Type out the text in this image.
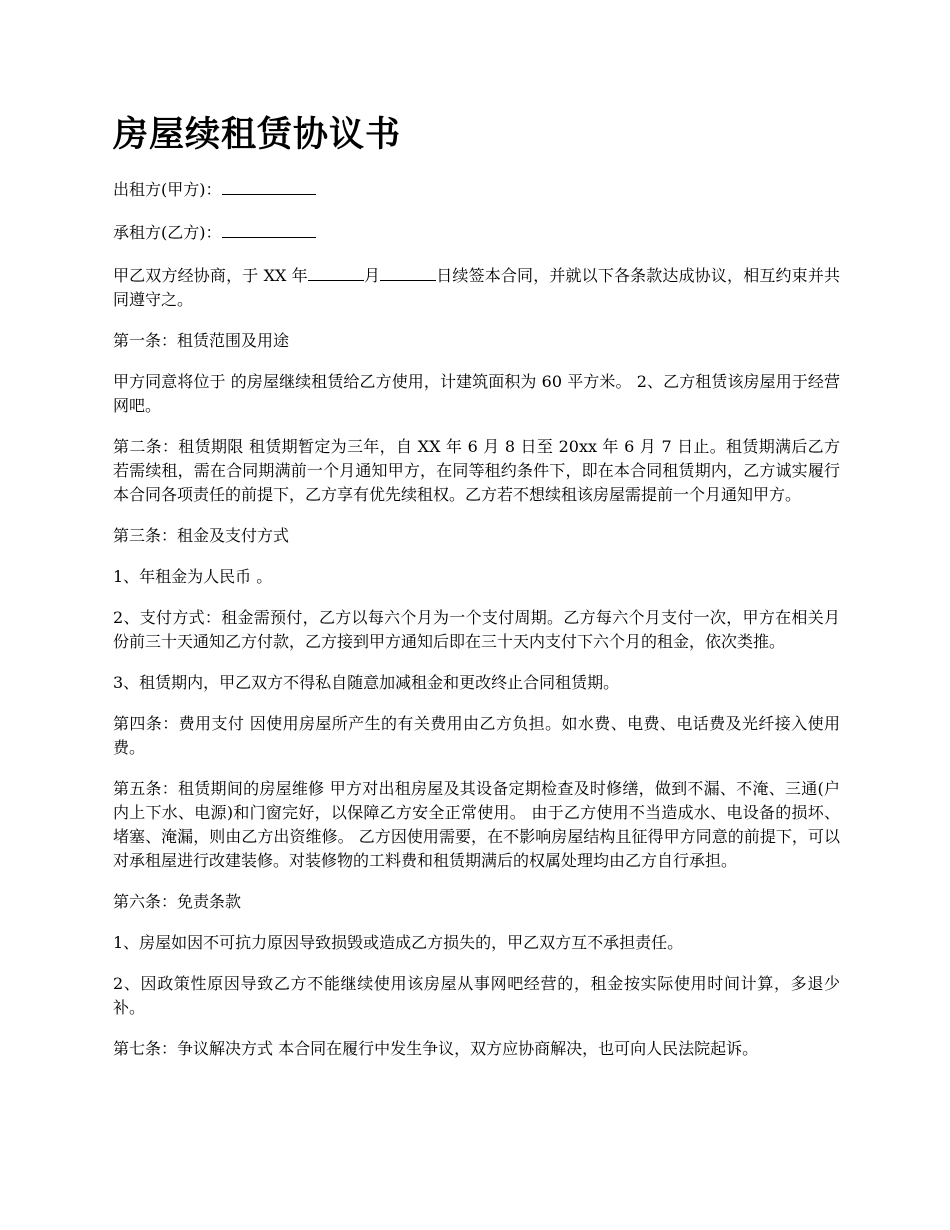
房屋续租赁协议书

出租方(甲方)：

承租方(乙方)：

甲乙双方经协商，于 XX 年	月	日续签本合同，并就以下各条款达成协议，相互约束并共同遵守之。

第一条：租赁范围及用途

甲方同意将位于 的房屋继续租赁给乙方使用，计建筑面积为 60 平方米。 2、乙方租赁该房屋用于经营网吧。

第二条：租赁期限 租赁期暂定为三年，自 XX 年 6 月 8 日至 20xx 年 6 月 7 日止。租赁期满后乙方若需续租，需在合同期满前一个月通知甲方，在同等租约条件下，即在本合同租赁期内，乙方诚实履行本合同各项责任的前提下，乙方享有优先续租权。乙方若不想续租该房屋需提前一个月通知甲方。

第三条：租金及支付方式

1、年租金为人民币 。

2、支付方式：租金需预付，乙方以每六个月为一个支付周期。乙方每六个月支付一次，甲方在相关月份前三十天通知乙方付款，乙方接到甲方通知后即在三十天内支付下六个月的租金，依次类推。

3、租赁期内，甲乙双方不得私自随意加减租金和更改终止合同租赁期。

第四条：费用支付 因使用房屋所产生的有关费用由乙方负担。如水费、电费、电话费及光纤接入使用费。

第五条：租赁期间的房屋维修 甲方对出租房屋及其设备定期检查及时修缮，做到不漏、不淹、三通(户内上下水、电源)和门窗完好，以保障乙方安全正常使用。 由于乙方使用不当造成水、电设备的损坏、堵塞、淹漏，则由乙方出资维修。 乙方因使用需要，在不影响房屋结构且征得甲方同意的前提下，可以对承租屋进行改建装修。对装修物的工料费和租赁期满后的权属处理均由乙方自行承担。

第六条：免责条款

1、房屋如因不可抗力原因导致损毁或造成乙方损失的，甲乙双方互不承担责任。

2、因政策性原因导致乙方不能继续使用该房屋从事网吧经营的，租金按实际使用时间计算，多退少补。

第七条：争议解决方式 本合同在履行中发生争议，双方应协商解决，也可向人民法院起诉。
